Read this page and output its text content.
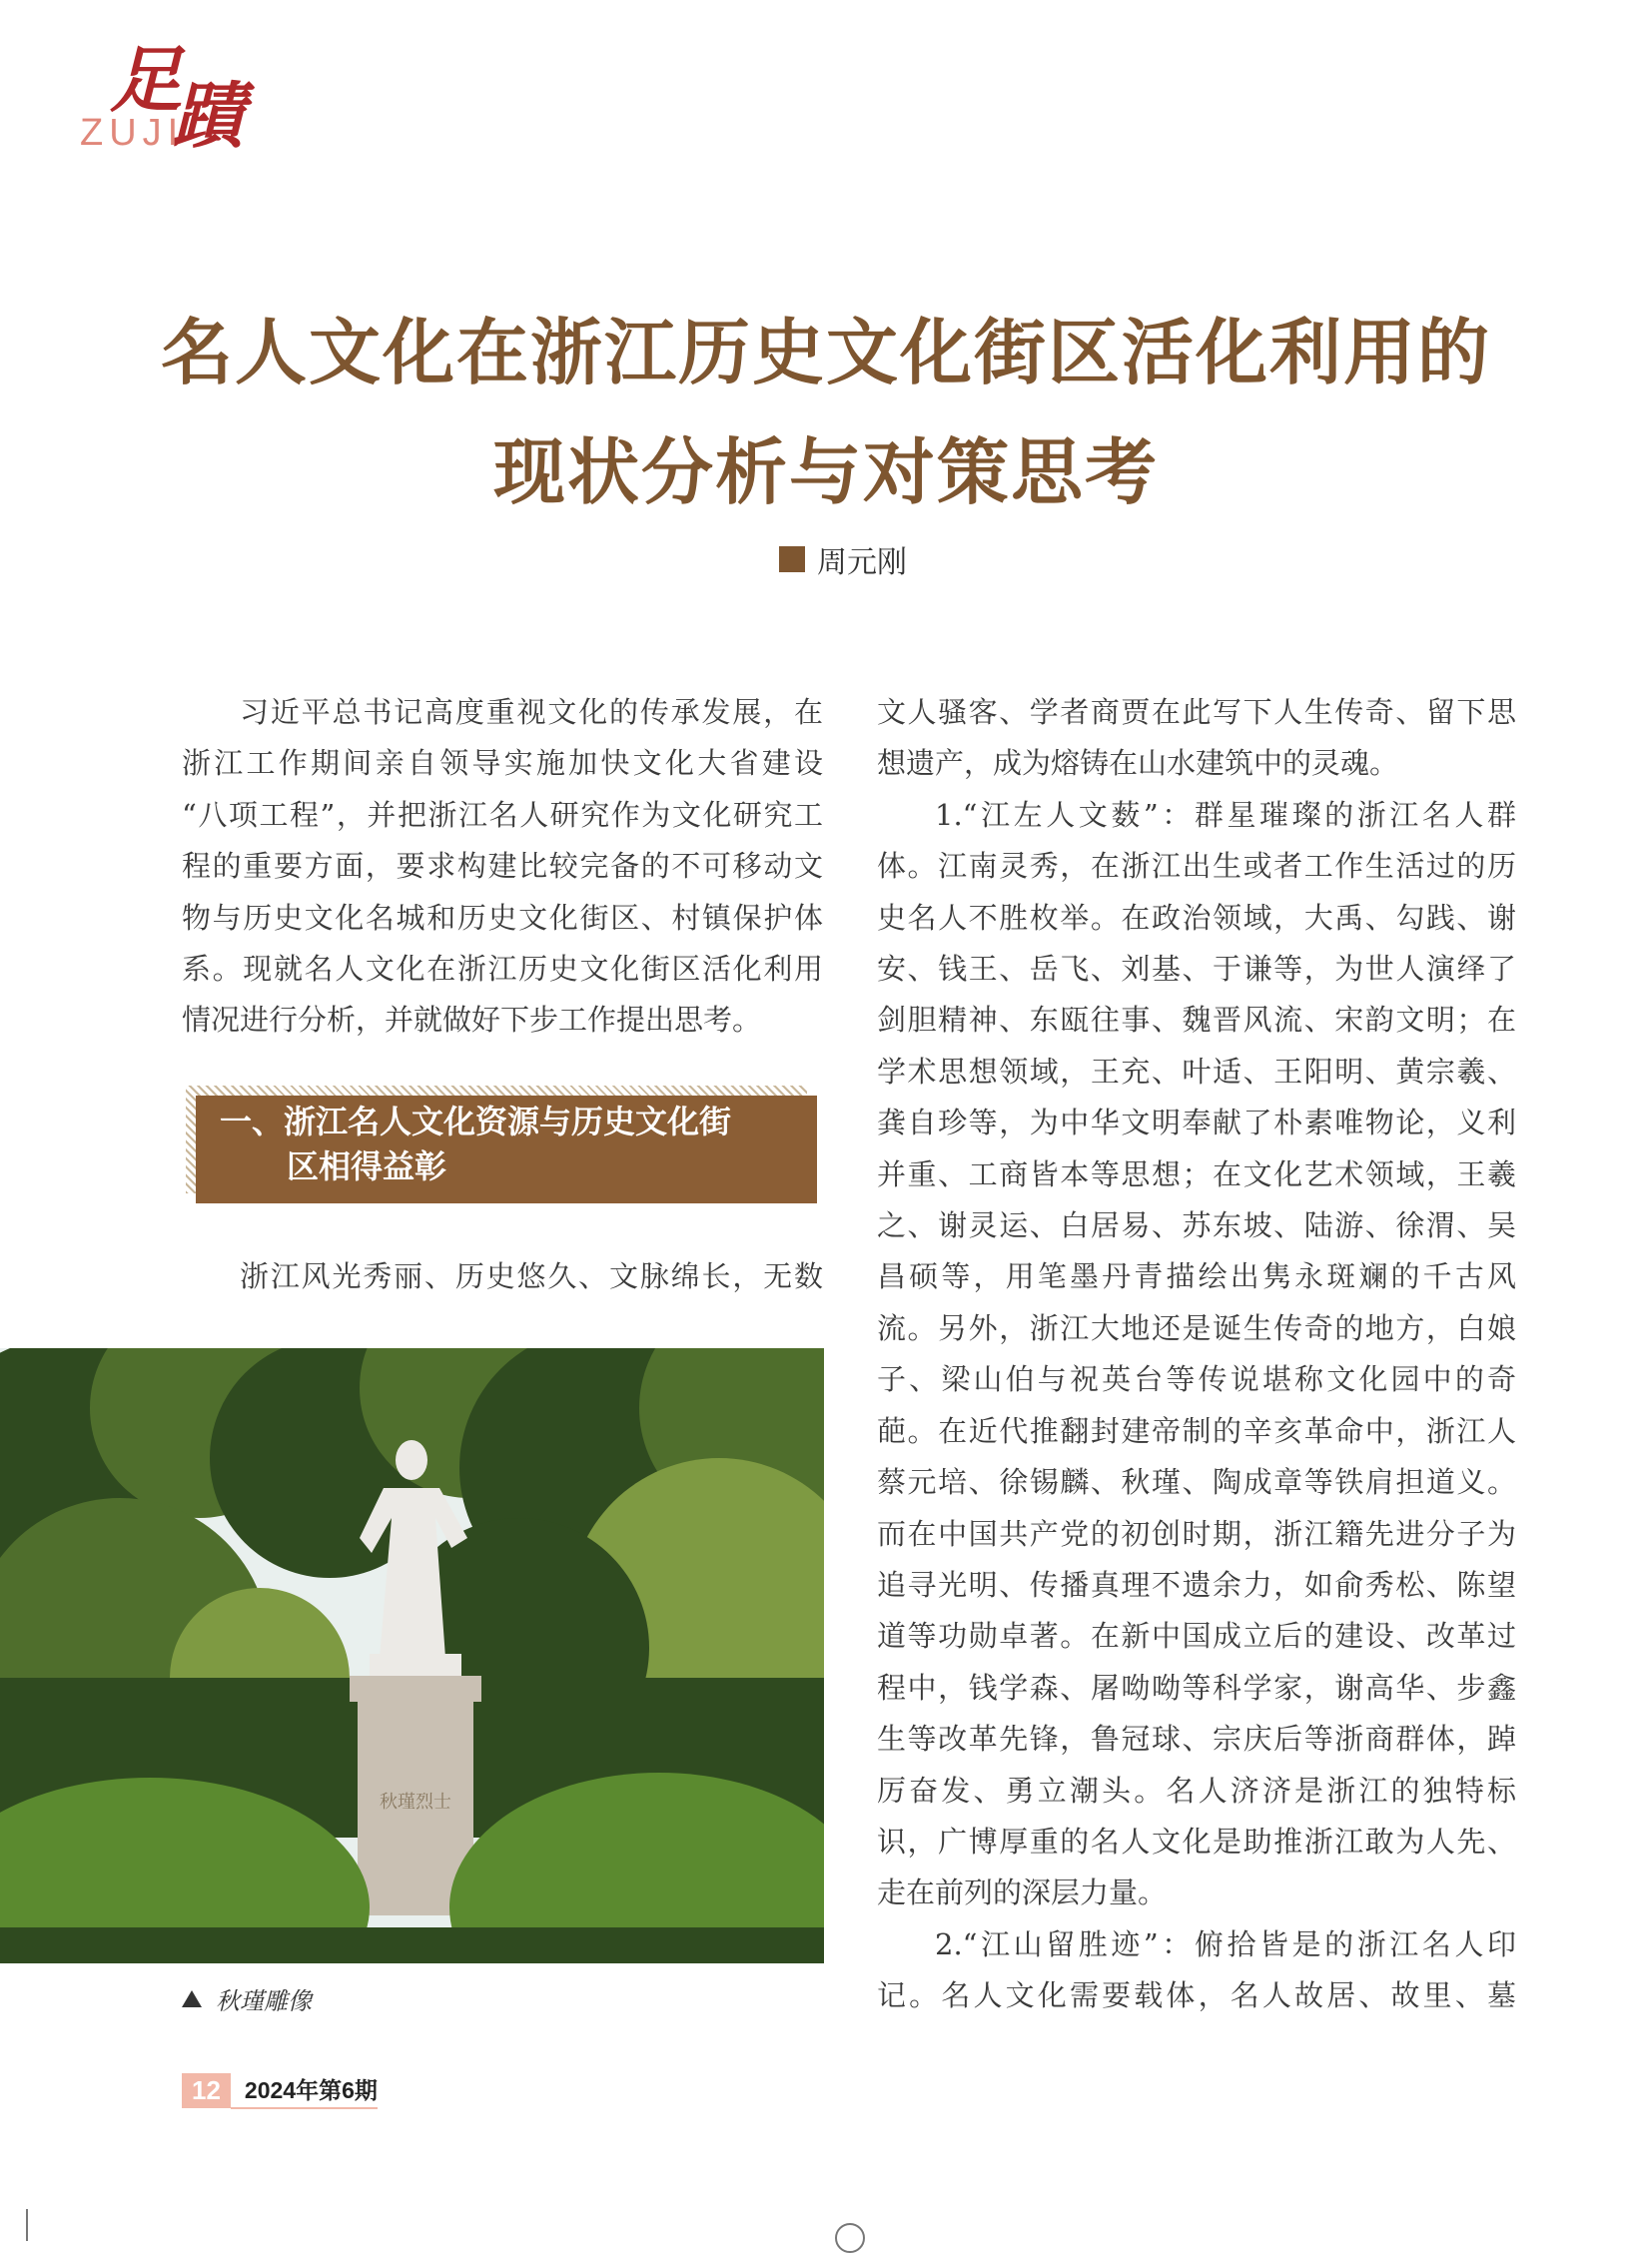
足蹟
ZUJI
名人文化在浙江历史文化街区活化利用的
现状分析与对策思考
周元刚
习近平总书记高度重视文化的传承发展，在
浙江工作期间亲自领导实施加快文化大省建设
“八项工程”，并把浙江名人研究作为文化研究工
程的重要方面，要求构建比较完备的不可移动文
物与历史文化名城和历史文化街区、村镇保护体
系。现就名人文化在浙江历史文化街区活化利用
情况进行分析，并就做好下步工作提出思考。
一、浙江名人文化资源与历史文化街
区相得益彰
浙江风光秀丽、历史悠久、文脉绵长，无数
秋瑾烈士
秋瑾雕像
文人骚客、学者商贾在此写下人生传奇、留下思
想遗产，成为熔铸在山水建筑中的灵魂。
1.“江左人文薮”：群星璀璨的浙江名人群
体。江南灵秀，在浙江出生或者工作生活过的历
史名人不胜枚举。在政治领域，大禹、勾践、谢
安、钱王、岳飞、刘基、于谦等，为世人演绎了
剑胆精神、东瓯往事、魏晋风流、宋韵文明；在
学术思想领域，王充、叶适、王阳明、黄宗羲、
龚自珍等，为中华文明奉献了朴素唯物论，义利
并重、工商皆本等思想；在文化艺术领域，王羲
之、谢灵运、白居易、苏东坡、陆游、徐渭、吴
昌硕等，用笔墨丹青描绘出隽永斑斓的千古风
流。另外，浙江大地还是诞生传奇的地方，白娘
子、梁山伯与祝英台等传说堪称文化园中的奇
葩。在近代推翻封建帝制的辛亥革命中，浙江人
蔡元培、徐锡麟、秋瑾、陶成章等铁肩担道义。
而在中国共产党的初创时期，浙江籍先进分子为
追寻光明、传播真理不遗余力，如俞秀松、陈望
道等功勋卓著。在新中国成立后的建设、改革过
程中，钱学森、屠呦呦等科学家，谢高华、步鑫
生等改革先锋，鲁冠球、宗庆后等浙商群体，踔
厉奋发、勇立潮头。名人济济是浙江的独特标
识，广博厚重的名人文化是助推浙江敢为人先、
走在前列的深层力量。
2.“江山留胜迹”：俯拾皆是的浙江名人印
记。名人文化需要载体，名人故居、故里、墓
12	2024年第6期
